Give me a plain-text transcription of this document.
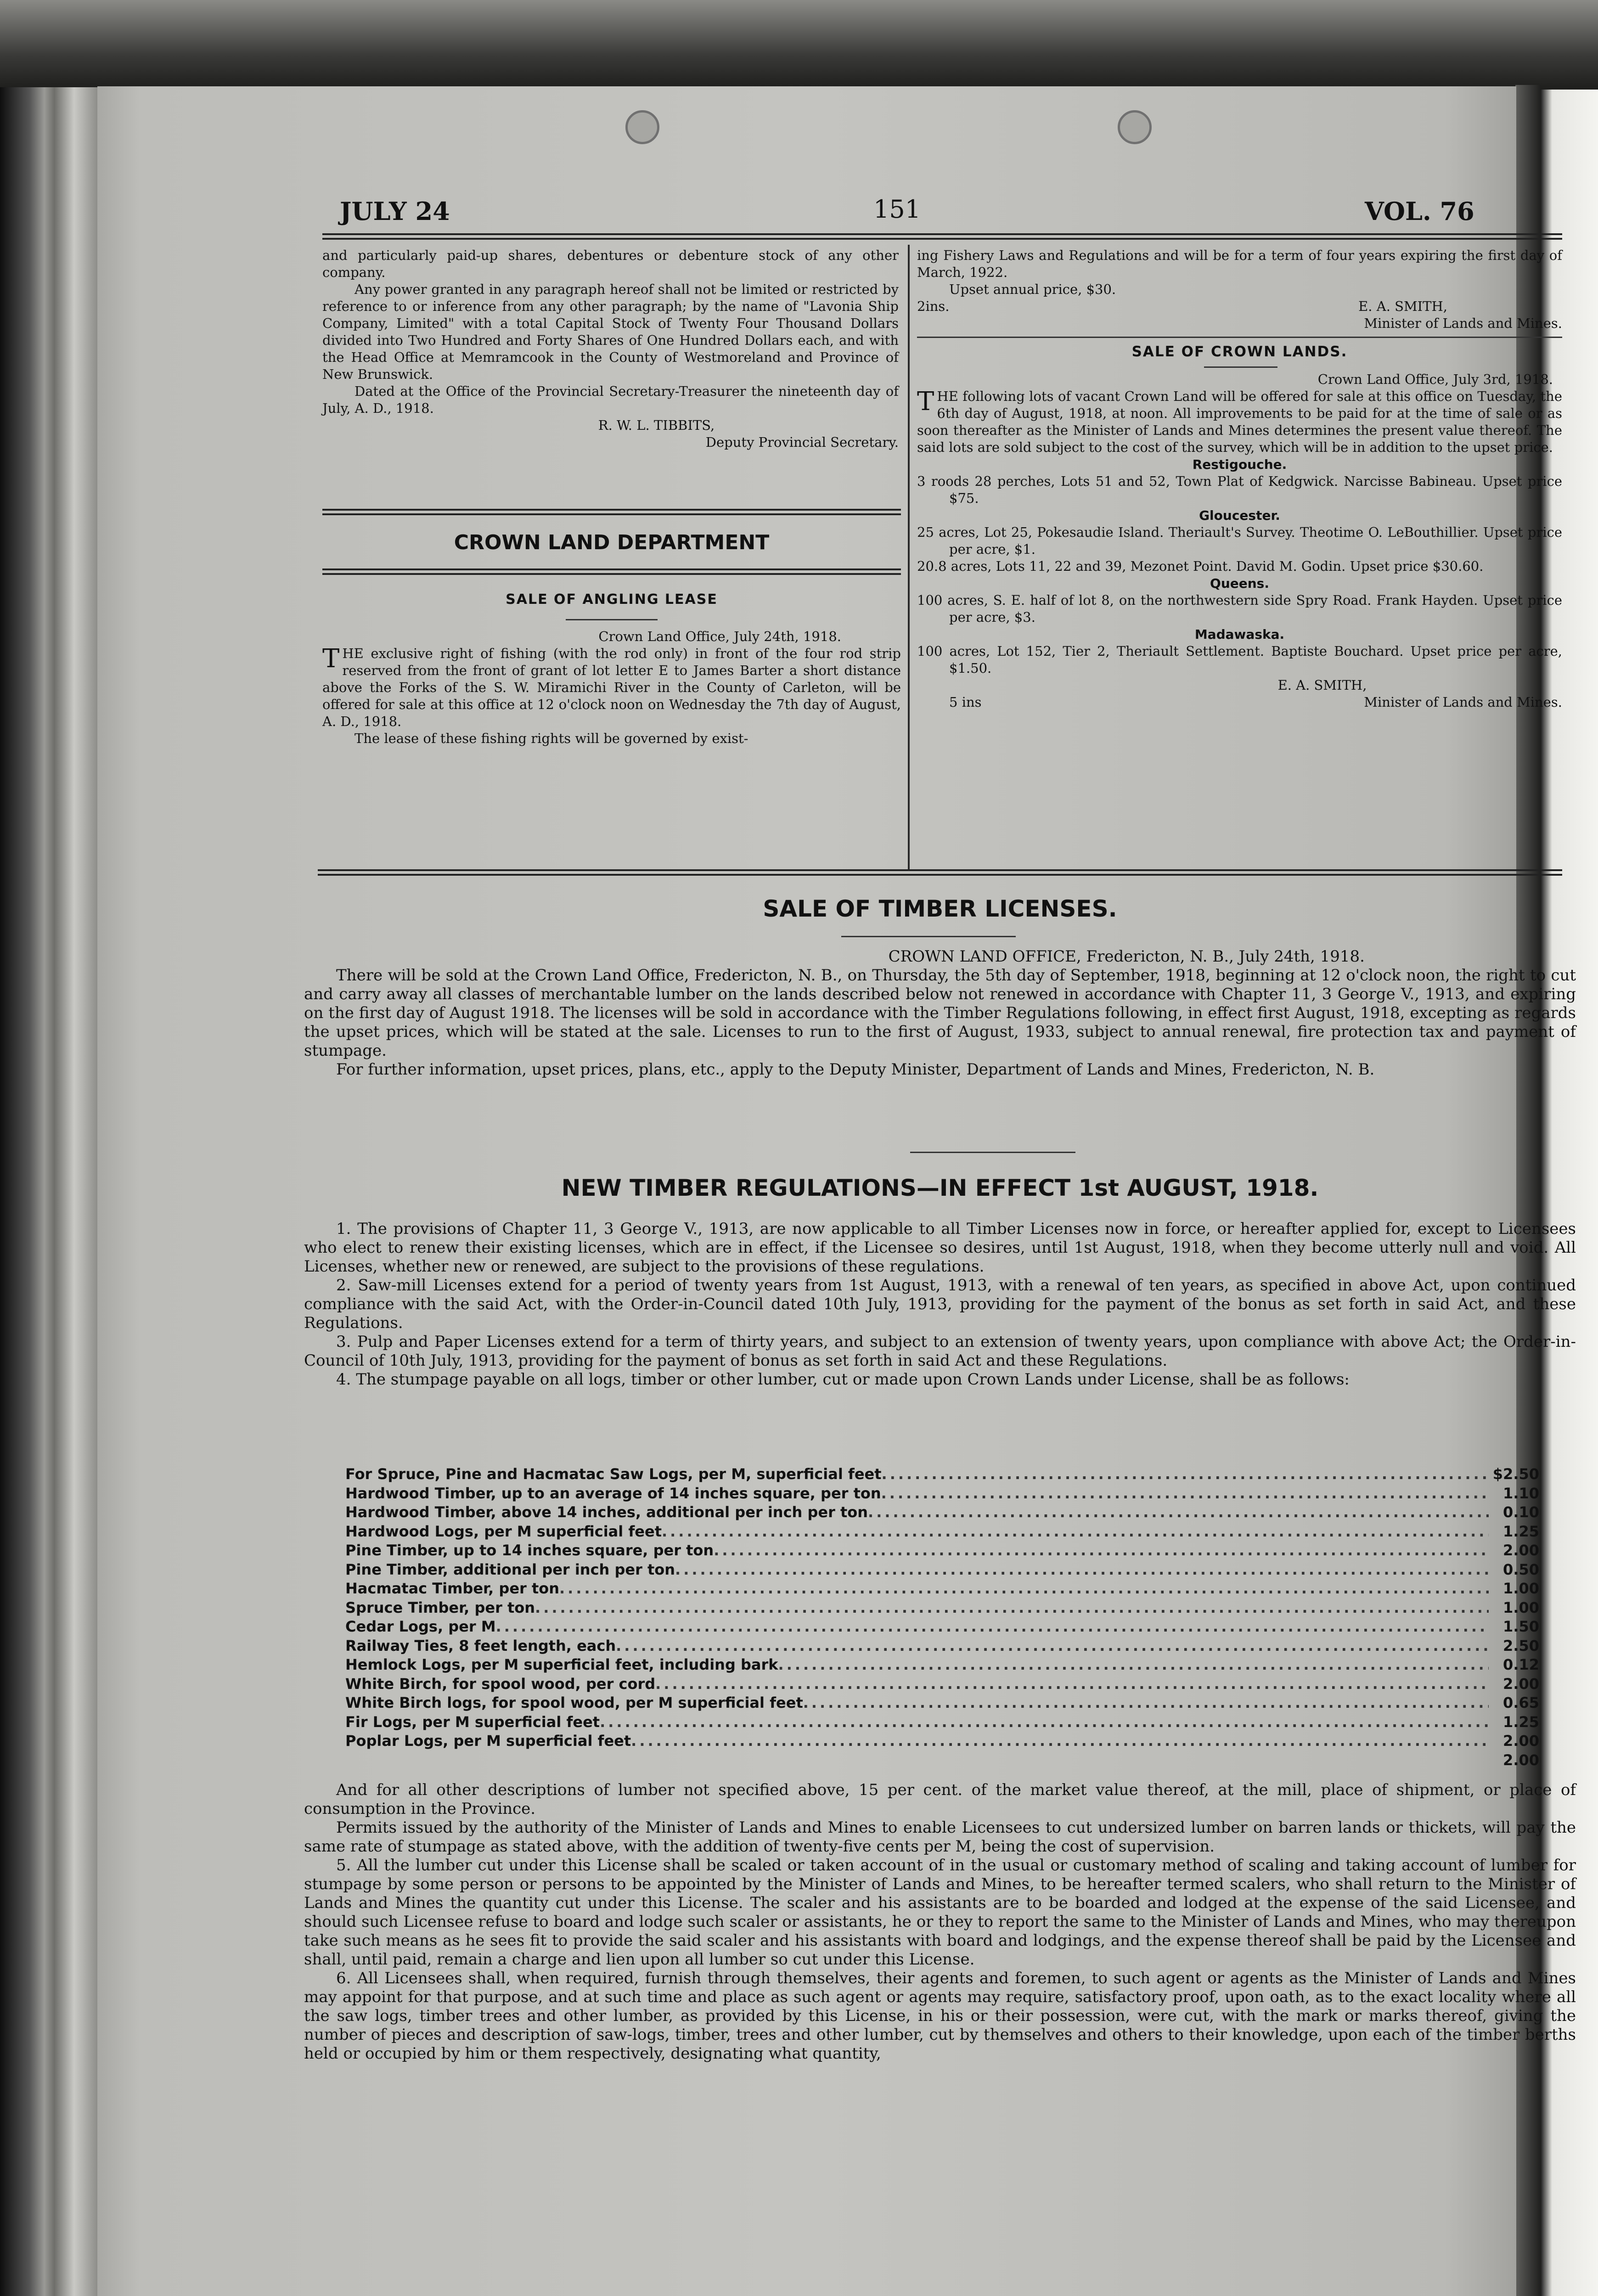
JULY 24	151	VOL. 76

and particularly paid-up shares, debentures or debenture stock of any other company.

Any power granted in any paragraph hereof shall not be limited or restricted by reference to or inference from any other paragraph; by the name of "Lavonia Ship Company, Limited" with a total Capital Stock of Twenty Four Thousand Dollars divided into Two Hundred and Forty Shares of One Hundred Dollars each, and with the Head Office at Memramcook in the County of Westmoreland and Province of New Brunswick.

Dated at the Office of the Provincial Secretary-Treasurer the nineteenth day of July, A. D., 1918.

R. W. L. TIBBITS,

Deputy Provincial Secretary.

CROWN LAND DEPARTMENT
SALE OF ANGLING LEASE

Crown Land Office, July 24th, 1918.

THE exclusive right of fishing (with the rod only) in front of the four rod strip reserved from the front of grant of lot letter E to James Barter a short distance above the Forks of the S. W. Miramichi River in the County of Carleton, will be offered for sale at this office at 12 o'clock noon on Wednesday the 7th day of August, A. D., 1918.

The lease of these fishing rights will be governed by exist-

ing Fishery Laws and Regulations and will be for a term of four years expiring the first day of March, 1922.

Upset annual price, $30.

2ins.	E. A. SMITH,

Minister of Lands and Mines.

SALE OF CROWN LANDS.

Crown Land Office, July 3rd, 1918.

THE following lots of vacant Crown Land will be offered for sale at this office on Tuesday, the 6th day of August, 1918, at noon. All improvements to be paid for at the time of sale or as soon thereafter as the Minister of Lands and Mines determines the present value thereof. The said lots are sold subject to the cost of the survey, which will be in addition to the upset price.

Restigouche.

3 roods 28 perches, Lots 51 and 52, Town Plat of Kedgwick. Narcisse Babineau. Upset price $75.

Gloucester.

25 acres, Lot 25, Pokesaudie Island. Theriault's Survey. Theotime O. LeBouthillier. Upset price per acre, $1.

20.8 acres, Lots 11, 22 and 39, Mezonet Point. David M. Godin. Upset price $30.60.

Queens.

100 acres, S. E. half of lot 8, on the northwestern side Spry Road. Frank Hayden. Upset price per acre, $3.

Madawaska.

100 acres, Lot 152, Tier 2, Theriault Settlement. Baptiste Bouchard. Upset price per acre, $1.50.

E. A. SMITH,

5 ins	Minister of Lands and Mines.
SALE OF TIMBER LICENSES.

CROWN LAND OFFICE, Fredericton, N. B., July 24th, 1918.

There will be sold at the Crown Land Office, Fredericton, N. B., on Thursday, the 5th day of September, 1918, beginning at 12 o'clock noon, the right to cut and carry away all classes of merchantable lumber on the lands described below not renewed in accordance with Chapter 11, 3 George V., 1913, and expiring on the first day of August 1918. The licenses will be sold in accordance with the Timber Regulations following, in effect first August, 1918, excepting as regards the upset prices, which will be stated at the sale. Licenses to run to the first of August, 1933, subject to annual renewal, fire protection tax and payment of stumpage.

For further information, upset prices, plans, etc., apply to the Deputy Minister, Department of Lands and Mines, Fredericton, N. B.

NEW TIMBER REGULATIONS—IN EFFECT 1st AUGUST, 1918.

1. The provisions of Chapter 11, 3 George V., 1913, are now applicable to all Timber Licenses now in force, or hereafter applied for, except to Licensees who elect to renew their existing licenses, which are in effect, if the Licensee so desires, until 1st August, 1918, when they become utterly null and void. All Licenses, whether new or renewed, are subject to the provisions of these regulations.

2. Saw-mill Licenses extend for a period of twenty years from 1st August, 1913, with a renewal of ten years, as specified in above Act, upon continued compliance with the said Act, with the Order-in-Council dated 10th July, 1913, providing for the payment of the bonus as set forth in said Act, and these Regulations.

3. Pulp and Paper Licenses extend for a term of thirty years, and subject to an extension of twenty years, upon compliance with above Act; the Order-in-Council of 10th July, 1913, providing for the payment of bonus as set forth in said Act and these Regulations.

4. The stumpage payable on all logs, timber or other lumber, cut or made upon Crown Lands under License, shall be as follows:

For Spruce, Pine and Hacmatac Saw Logs, per M, superficial feet .....	$2.50
Hardwood Timber, up to an average of 14 inches square, per ton .....	1.10
Hardwood Timber, above 14 inches, additional per inch per ton .....	0.10
Hardwood Logs, per M superficial feet .....	1.25
Pine Timber, up to 14 inches square, per ton .....	2.00
Pine Timber, additional per inch per ton .....	0.50
Hacmatac Timber, per ton .....	1.00
Spruce Timber, per ton .....	1.00
Cedar Logs, per M .....	1.50
Railway Ties, 8 feet length, each .....	2.50
Hemlock Logs, per M superficial feet, including bark .....	0.12
White Birch, for spool wood, per cord .....	2.00
White Birch logs, for spool wood, per M superficial feet .....	0.65
Fir Logs, per M superficial feet .....	1.25
Poplar Logs, per M superficial feet .....	2.00
2.00

And for all other descriptions of lumber not specified above, 15 per cent. of the market value thereof, at the mill, place of shipment, or place of consumption in the Province.

Permits issued by the authority of the Minister of Lands and Mines to enable Licensees to cut undersized lumber on barren lands or thickets, will pay the same rate of stumpage as stated above, with the addition of twenty-five cents per M, being the cost of supervision.

5. All the lumber cut under this License shall be scaled or taken account of in the usual or customary method of scaling and taking account of lumber for stumpage by some person or persons to be appointed by the Minister of Lands and Mines, to be hereafter termed scalers, who shall return to the Minister of Lands and Mines the quantity cut under this License. The scaler and his assistants are to be boarded and lodged at the expense of the said Licensee, and should such Licensee refuse to board and lodge such scaler or assistants, he or they to report the same to the Minister of Lands and Mines, who may thereupon take such means as he sees fit to provide the said scaler and his assistants with board and lodgings, and the expense thereof shall be paid by the Licensee and shall, until paid, remain a charge and lien upon all lumber so cut under this License.

6. All Licensees shall, when required, furnish through themselves, their agents and foremen, to such agent or agents as the Minister of Lands and Mines may appoint for that purpose, and at such time and place as such agent or agents may require, satisfactory proof, upon oath, as to the exact locality where all the saw logs, timber trees and other lumber, as provided by this License, in his or their possession, were cut, with the mark or marks thereof, giving the number of pieces and description of saw-logs, timber, trees and other lumber, cut by themselves and others to their knowledge, upon each of the timber berths held or occupied by him or them respectively, designating what quantity,
